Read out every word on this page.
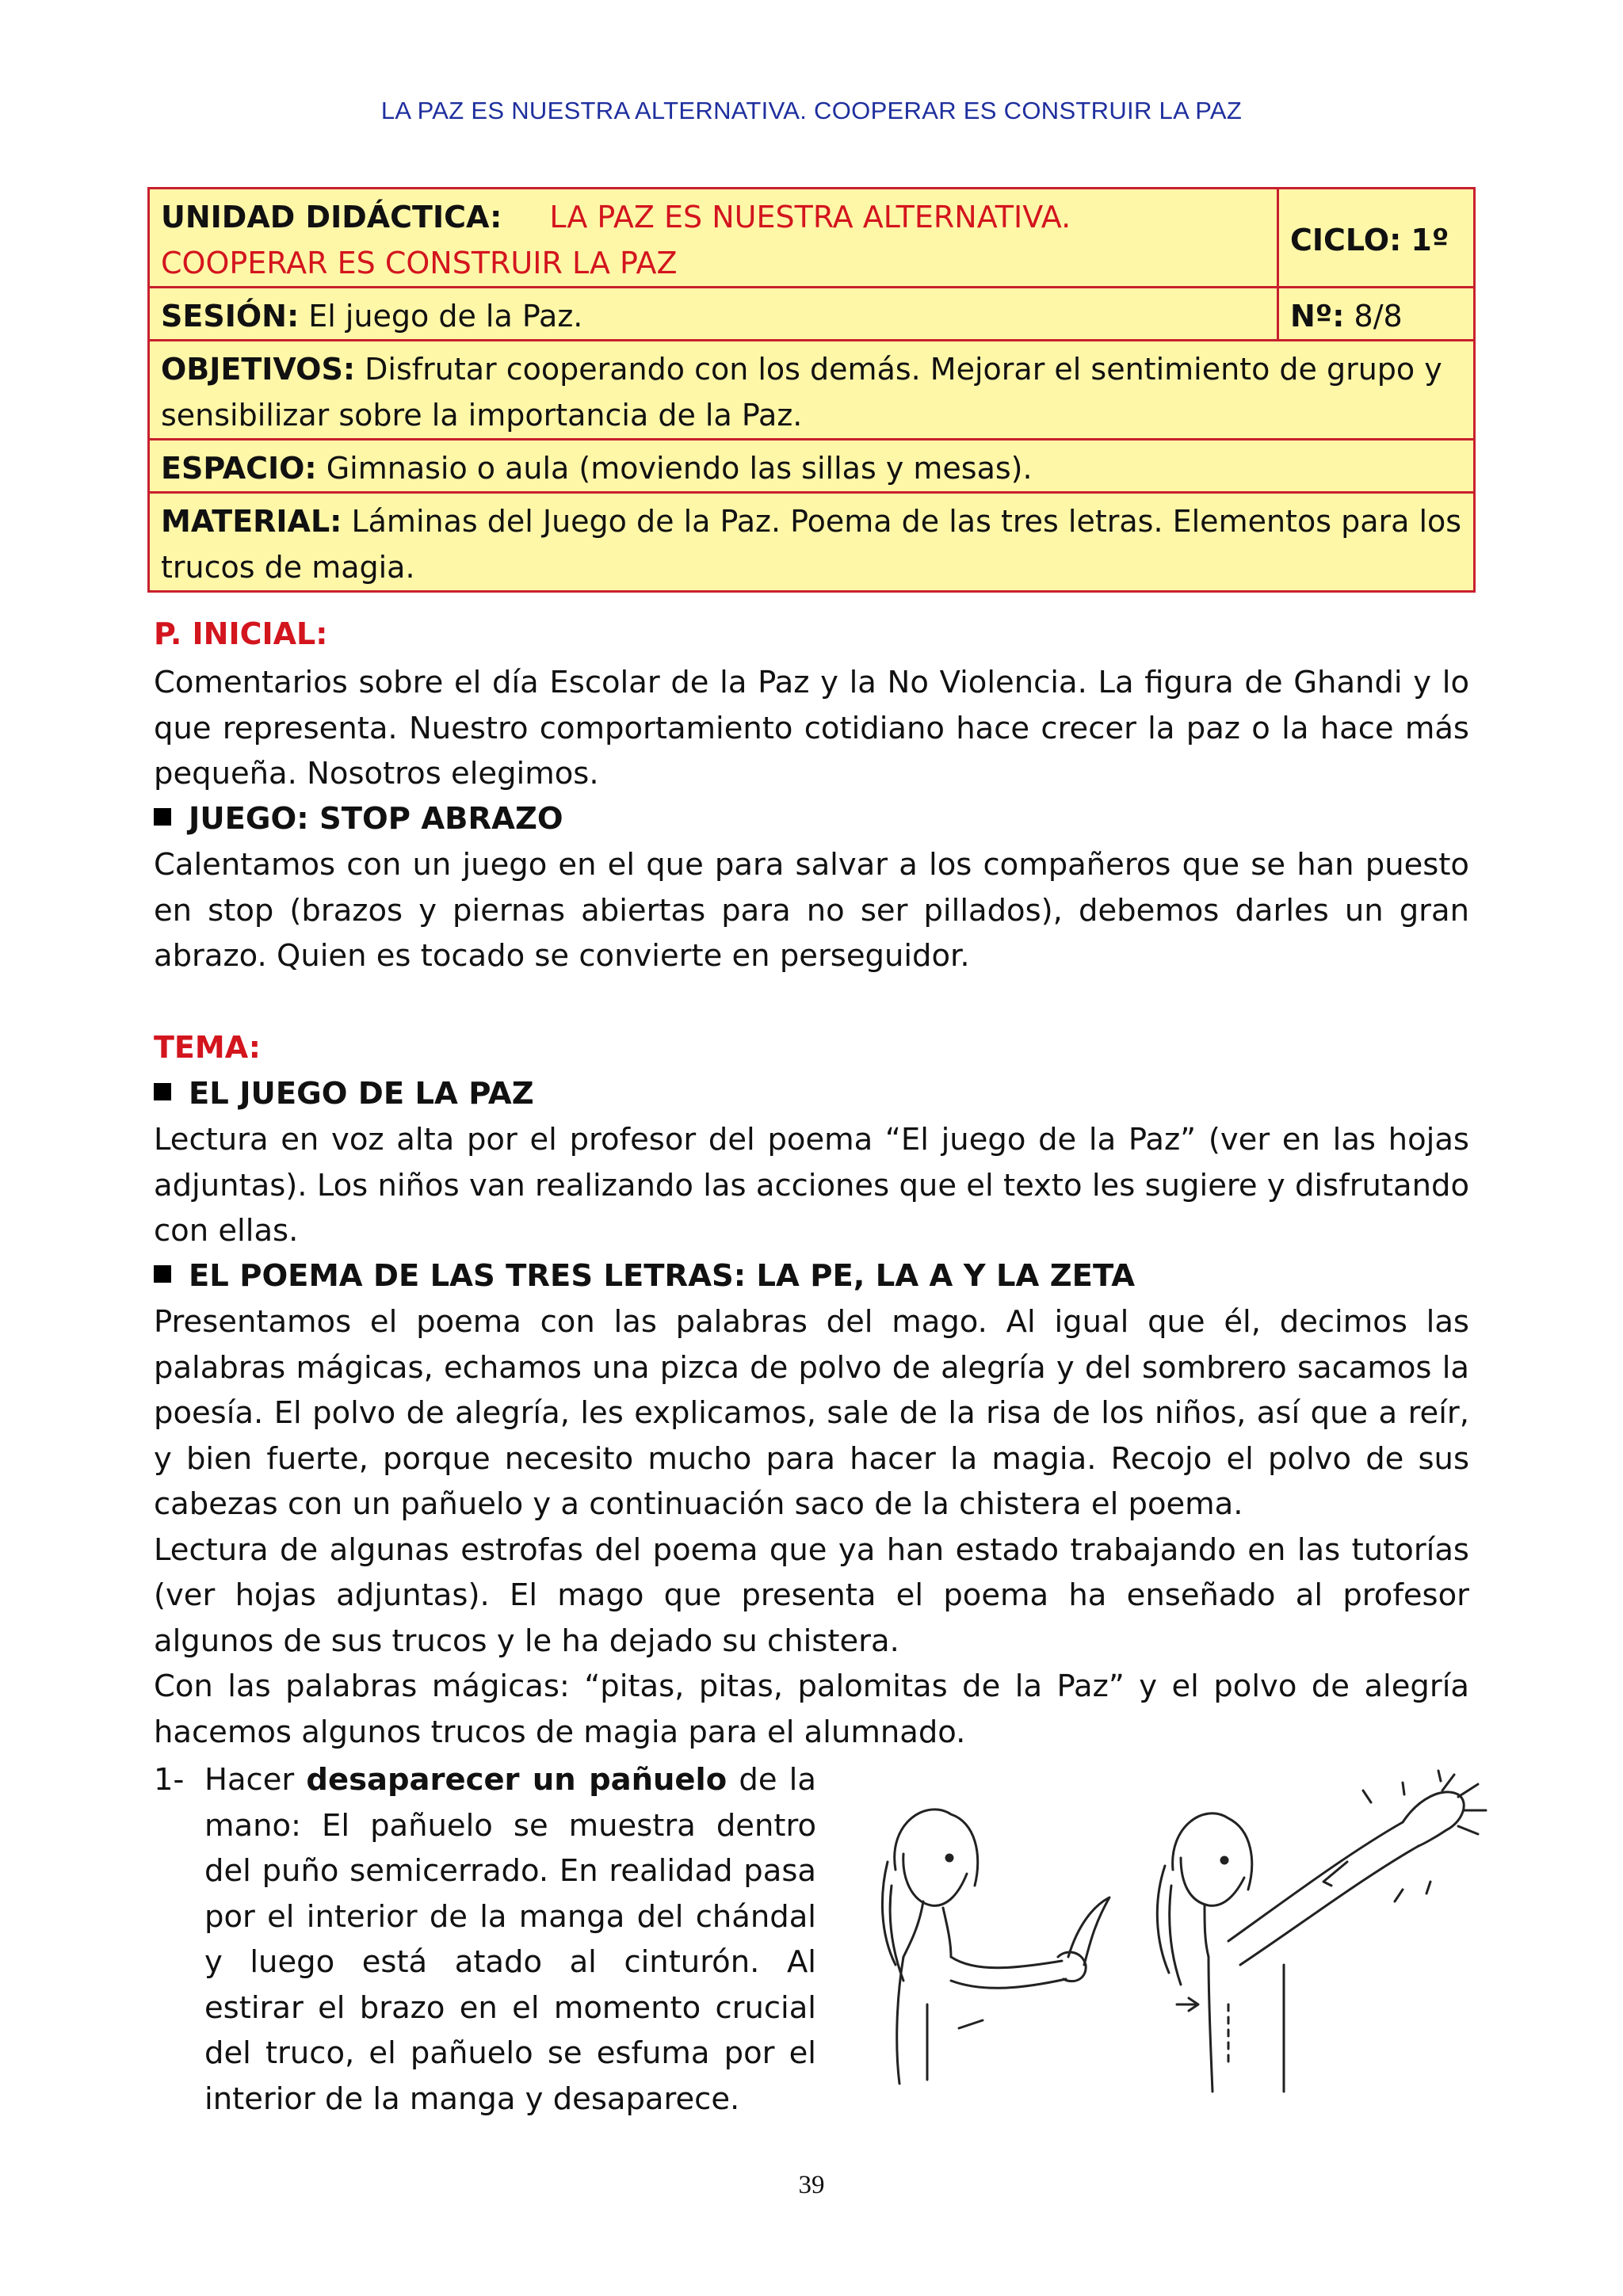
LA PAZ ES NUESTRA ALTERNATIVA. COOPERAR ES CONSTRUIR LA PAZ
UNIDAD DIDÁCTICA: LA PAZ ES NUESTRA ALTERNATIVA.
COOPERAR ES CONSTRUIR LA PAZ
CICLO:
1º
SESIÓN: El juego de la Paz.	Nº: 8/8
OBJETIVOS: Disfrutar cooperando con los demás. Mejorar el sentimiento de grupo y sensibilizar sobre la importancia de la Paz.
ESPACIO: Gimnasio o aula (moviendo las sillas y mesas).
MATERIAL: Láminas del Juego de la Paz. Poema de las tres letras. Elementos para los trucos de magia.
P. INICIAL:
Comentarios sobre el día Escolar de la Paz y la No Violencia. La figura de Ghandi y lo que representa. Nuestro comportamiento cotidiano hace crecer la paz o la hace más pequeña. Nosotros elegimos.
JUEGO: STOP ABRAZO
Calentamos con un juego en el que para salvar a los compañeros que se han puesto en stop (brazos y piernas abiertas para no ser pillados), debemos darles un gran abrazo. Quien es tocado se convierte en perseguidor.
TEMA:
EL JUEGO DE LA PAZ
Lectura en voz alta por el profesor del poema “El juego de la Paz” (ver en las hojas adjuntas). Los niños van realizando las acciones que el texto les sugiere y disfrutando con ellas.
EL POEMA DE LAS TRES LETRAS: LA PE, LA A Y LA ZETA
Presentamos el poema con las palabras del mago. Al igual que él, decimos las palabras mágicas, echamos una pizca de polvo de alegría y del sombrero sacamos la poesía. El polvo de alegría, les explicamos, sale de la risa de los niños, así que a reír, y bien fuerte, porque necesito mucho para hacer la magia. Recojo el polvo de sus cabezas con un pañuelo y a continuación saco de la chistera el poema.
Lectura de algunas estrofas del poema que ya han estado trabajando en las tutorías (ver hojas adjuntas). El mago que presenta el poema ha enseñado al profesor algunos de sus trucos y le ha dejado su chistera.
Con las palabras mágicas: “pitas, pitas, palomitas de la Paz” y el polvo de alegría hacemos algunos trucos de magia para el alumnado.
1- Hacer desaparecer un pañuelo de la mano: El pañuelo se muestra dentro del puño semicerrado. En realidad pasa por el interior de la manga del chándal y luego está atado al cinturón. Al estirar el brazo en el momento crucial del truco, el pañuelo se esfuma por el interior de la manga y desaparece.
39
